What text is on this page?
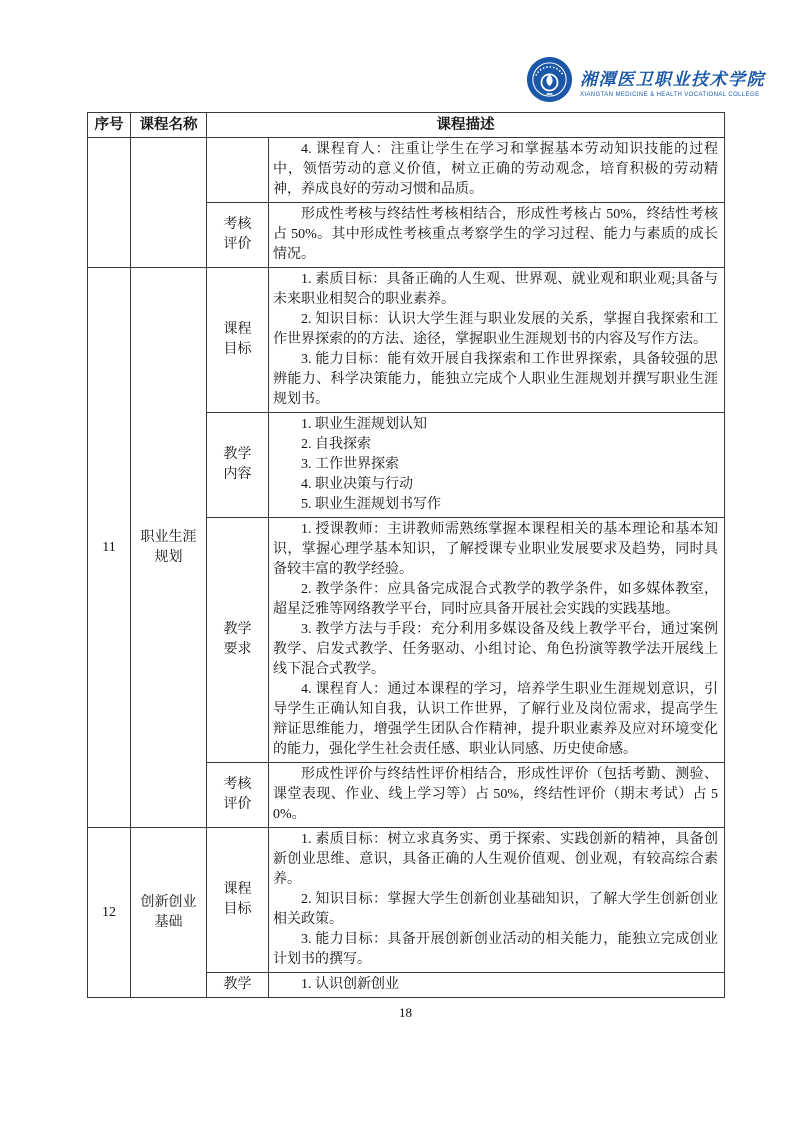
湘潭医卫职业技术学院
XIANGTAN MEDICINE & HEALTH VOCATIONAL COLLEGE
序号	课程名称	课程描述	

			4. 课程育人：注重让学生在学习和掌握基本劳动知识技能的过程中，领悟劳动的意义价值，树立正确的劳动观念，培育积极的劳动精神，养成良好的劳动习惯和品质。

		考核评价	形成性考核与终结性考核相结合，形成性考核占 50%，终结性考核占 50%。其中形成性考核重点考察学生的学习过程、能力与素质的成长情况。

11	职业生涯规划	课程目标	1. 素质目标：具备正确的人生观、世界观、就业观和职业观;具备与未来职业相契合的职业素养。
2. 知识目标：认识大学生涯与职业发展的关系，掌握自我探索和工作世界探索的的方法、途径，掌握职业生涯规划书的内容及写作方法。
3. 能力目标：能有效开展自我探索和工作世界探索，具备较强的思辨能力、科学决策能力，能独立完成个人职业生涯规划并撰写职业生涯规划书。

		教学内容	1. 职业生涯规划认知
2. 自我探索
3. 工作世界探索
4. 职业决策与行动
5. 职业生涯规划书写作

		教学要求	1. 授课教师：主讲教师需熟练掌握本课程相关的基本理论和基本知识，掌握心理学基本知识，了解授课专业职业发展要求及趋势，同时具备较丰富的教学经验。
2. 教学条件：应具备完成混合式教学的教学条件，如多媒体教室，超星泛雅等网络教学平台，同时应具备开展社会实践的实践基地。
3. 教学方法与手段：充分利用多媒设备及线上教学平台，通过案例教学、启发式教学、任务驱动、小组讨论、角色扮演等教学法开展线上线下混合式教学。
4. 课程育人：通过本课程的学习，培养学生职业生涯规划意识，引导学生正确认知自我，认识工作世界，了解行业及岗位需求，提高学生辩证思维能力，增强学生团队合作精神，提升职业素养及应对环境变化的能力，强化学生社会责任感、职业认同感、历史使命感。

		考核评价	形成性评价与终结性评价相结合，形成性评价（包括考勤、测验、课堂表现、作业、线上学习等）占 50%，终结性评价（期末考试）占 50%。

12	创新创业基础	课程目标	1. 素质目标：树立求真务实、勇于探索、实践创新的精神，具备创新创业思维、意识，具备正确的人生观价值观、创业观，有较高综合素养。
2. 知识目标：掌握大学生创新创业基础知识，了解大学生创新创业相关政策。
3. 能力目标：具备开展创新创业活动的相关能力，能独立完成创业计划书的撰写。

		教学	1. 认识创新创业
18
